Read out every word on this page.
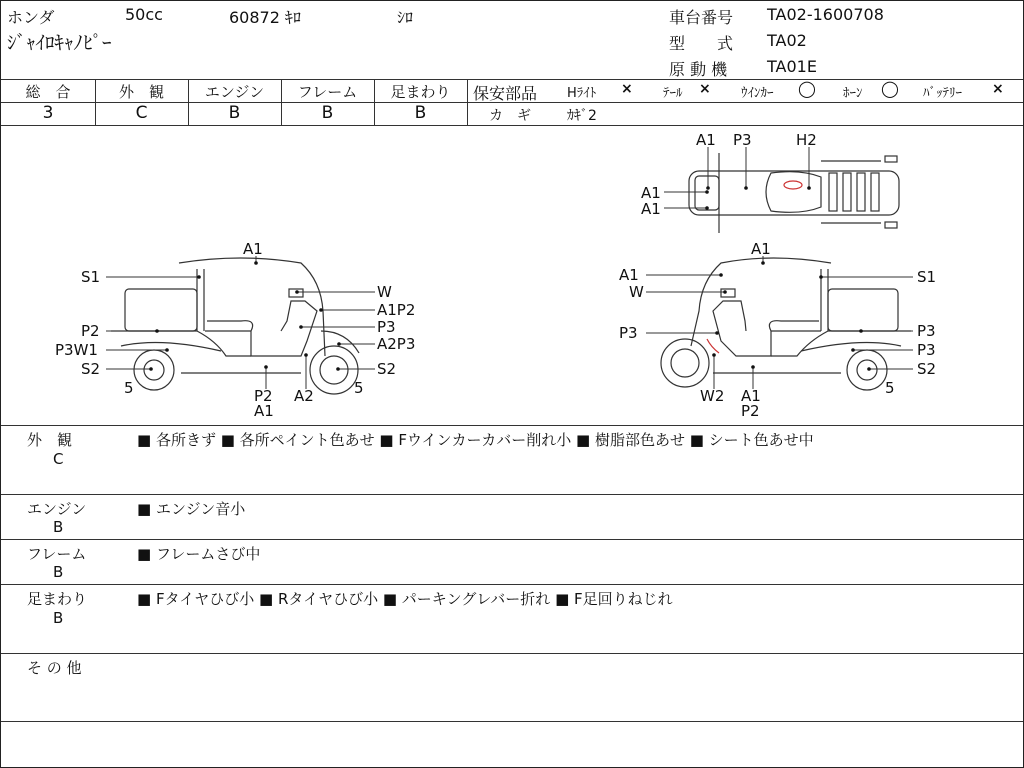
ホンダ	50cc	60872 ｷﾛ	ｼﾛ
ｼﾞｬｲﾛｷｬﾉﾋﾟｰ
車台番号 TA02-1600708
型　　式 TA02
原 動 機 TA01E
総　合
3
外　観
C
エンジン
B
フレーム
B
足まわり
B
保安部品 Hﾗｲﾄ × ﾃｰﾙ × ｳｲﾝｶｰ ◯ ﾎｰﾝ ◯ ﾊﾞｯﾃﾘｰ ×
カ　ギ	ｶｷﾞ2
A1 P3	H2
A1
A1
A1
S1
W
A1P2
P2	P3
P3W1	A2P3
S2	S2
5	5
P2
A1
A2
A1
A1	S1
W
P3	P3
P3
S2
W2 A1
P2
5
外　観
C
■ 各所きず ■ 各所ペイント色あせ ■ Fウインカーカバー削れ小 ■ 樹脂部色あせ ■ シート色あせ中
エンジン
B
■ エンジン音小
フレーム
B
■ フレームさび中
足まわり
B
■ Fタイヤひび小 ■ Rタイヤひび小 ■ パーキングレバー折れ ■ F足回りねじれ
そ の 他
